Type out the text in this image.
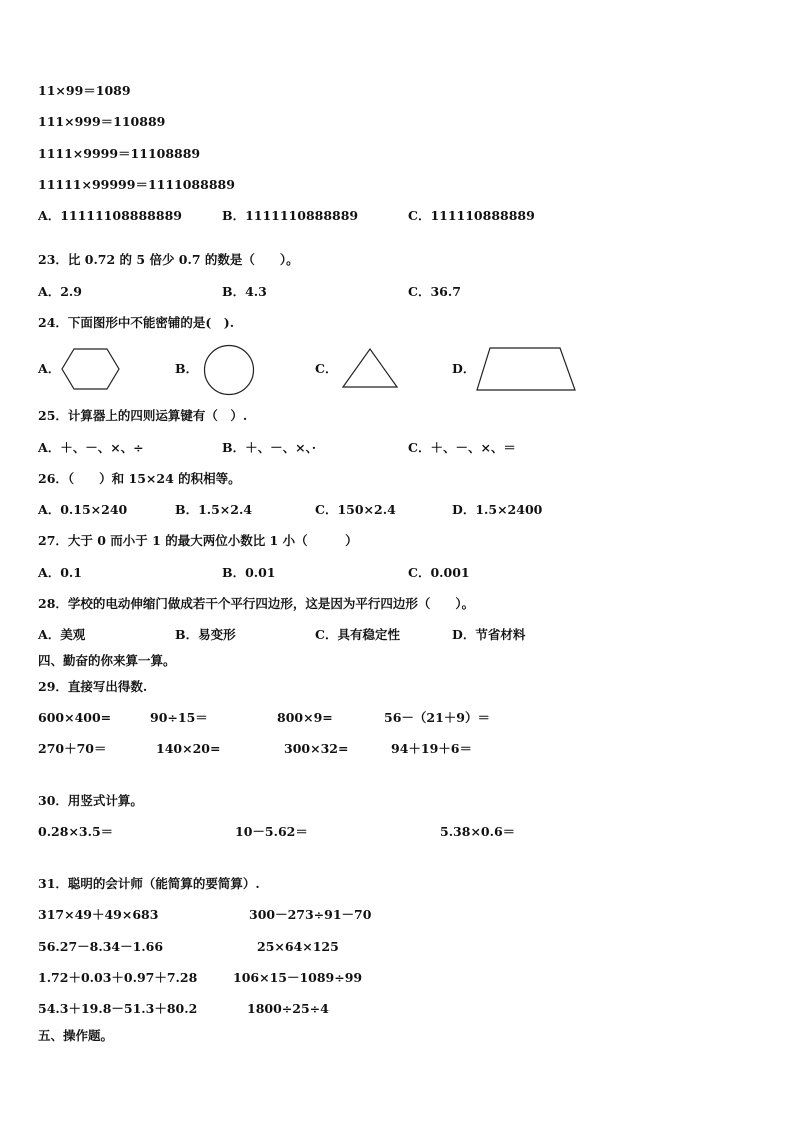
11×99＝1089
111×999＝110889
1111×9999＝11108889
11111×99999＝1111088889
A．11111108888889	B．1111110888889	C．111110888889
23．比 0.72 的 5 倍少 0.7 的数是（　　）。
A．2.9	B．4.3	C．36.7
24．下面图形中不能密铺的是(　).
A．	B．	C．	D．
25．计算器上的四则运算键有（　）.
A．＋、－、×、÷	B．＋、－、×、·	C．＋、－、×、＝
26．（　　）和 15×24 的积相等。
A．0.15×240	B．1.5×2.4	C．150×2.4	D．1.5×2400
27．大于 0 而小于 1 的最大两位小数比 1 小（　　　）
A．0.1	B．0.01	C．0.001
28．学校的电动伸缩门做成若干个平行四边形，这是因为平行四边形（　　）。
A．美观	B．易变形	C．具有稳定性	D．节省材料
四、勤奋的你来算一算。
29．直接写出得数.
600×400=	90÷15＝	800×9=	56－（21＋9）＝
270＋70＝	140×20=	300×32=	94＋19＋6＝
30．用竖式计算。
0.28×3.5＝	10－5.62＝	5.38×0.6＝
31．聪明的会计师（能简算的要简算）.
317×49＋49×683	300－273÷91－70
56.27－8.34－1.66	25×64×125
1.72＋0.03＋0.97＋7.28	106×15－1089÷99
54.3＋19.8－51.3＋80.2	1800÷25÷4
五、操作题。
